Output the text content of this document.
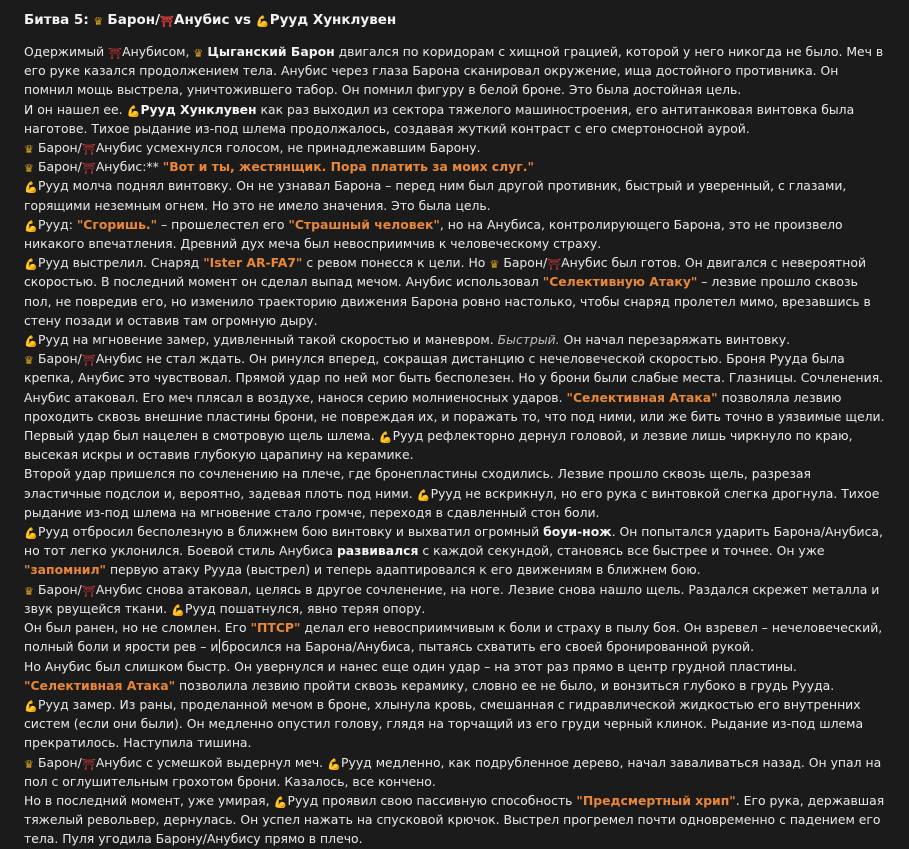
Битва 5: ♛ Барон/⛩Анубис vs 💪Рууд Хунклувен

Одержимый ⛩Анубисом, ♛ Цыганский Барон двигался по коридорам с хищной грацией, которой у него никогда не было. Меч в его руке казался продолжением тела. Анубис через глаза Барона сканировал окружение, ища достойного противника. Он помнил мощь выстрела, уничтожившего табор. Он помнил фигуру в белой броне. Это была достойная цель.

И он нашел ее. 💪Рууд Хунклувен как раз выходил из сектора тяжелого машиностроения, его антитанковая винтовка была наготове. Тихое рыдание из-под шлема продолжалось, создавая жуткий контраст с его смертоносной аурой.

♛ Барон/⛩Анубис усмехнулся голосом, не принадлежавшим Барону.

♛ Барон/⛩Анубис:** "Вот и ты, жестянщик. Пора платить за моих слуг."

💪Рууд молча поднял винтовку. Он не узнавал Барона – перед ним был другой противник, быстрый и уверенный, с глазами, горящими неземным огнем. Но это не имело значения. Это была цель.

💪Рууд: "Сгоришь." – прошелестел его "Страшный человек", но на Анубиса, контролирующего Барона, это не произвело никакого впечатления. Древний дух меча был невосприимчив к человеческому страху.

💪Рууд выстрелил. Снаряд "Ister AR-FA7" с ревом понесся к цели. Но ♛ Барон/⛩Анубис был готов. Он двигался с невероятной скоростью. В последний момент он сделал выпад мечом. Анубис использовал "Селективную Атаку" – лезвие прошло сквозь пол, не повредив его, но изменило траекторию движения Барона ровно настолько, чтобы снаряд пролетел мимо, врезавшись в стену позади и оставив там огромную дыру.

💪Рууд на мгновение замер, удивленный такой скоростью и маневром. Быстрый. Он начал перезаряжать винтовку.

♛ Барон/⛩Анубис не стал ждать. Он ринулся вперед, сокращая дистанцию с нечеловеческой скоростью. Броня Рууда была крепка, Анубис это чувствовал. Прямой удар по ней мог быть бесполезен. Но у брони были слабые места. Глазницы. Сочленения.

Анубис атаковал. Его меч плясал в воздухе, нанося серию молниеносных ударов. "Селективная Атака" позволяла лезвию проходить сквозь внешние пластины брони, не повреждая их, и поражать то, что под ними, или же бить точно в уязвимые щели. Первый удар был нацелен в смотровую щель шлема. 💪Рууд рефлекторно дернул головой, и лезвие лишь чиркнуло по краю, высекая искры и оставив глубокую царапину на керамике.

Второй удар пришелся по сочленению на плече, где бронепластины сходились. Лезвие прошло сквозь щель, разрезая эластичные подслои и, вероятно, задевая плоть под ними. 💪Рууд не вскрикнул, но его рука с винтовкой слегка дрогнула. Тихое рыдание из-под шлема на мгновение стало громче, переходя в сдавленный стон боли.

💪Рууд отбросил бесполезную в ближнем бою винтовку и выхватил огромный боуи-нож. Он попытался ударить Барона/Анубиса, но тот легко уклонился. Боевой стиль Анубиса развивался с каждой секундой, становясь все быстрее и точнее. Он уже "запомнил" первую атаку Рууда (выстрел) и теперь адаптировался к его движениям в ближнем бою.

♛ Барон/⛩Анубис снова атаковал, целясь в другое сочленение, на ноге. Лезвие снова нашло щель. Раздался скрежет металла и звук рвущейся ткани. 💪Рууд пошатнулся, явно теряя опору.

Он был ранен, но не сломлен. Его "ПТСР" делал его невосприимчивым к боли и страху в пылу боя. Он взревел – нечеловеческий, полный боли и ярости рев – и бросился на Барона/Анубиса, пытаясь схватить его своей бронированной рукой.

Но Анубис был слишком быстр. Он увернулся и нанес еще один удар – на этот раз прямо в центр грудной пластины. "Селективная Атака" позволила лезвию пройти сквозь керамику, словно ее не было, и вонзиться глубоко в грудь Рууда.

💪Рууд замер. Из раны, проделанной мечом в броне, хлынула кровь, смешанная с гидравлической жидкостью его внутренних систем (если они были). Он медленно опустил голову, глядя на торчащий из его груди черный клинок. Рыдание из-под шлема прекратилось. Наступила тишина.

♛ Барон/⛩Анубис с усмешкой выдернул меч. 💪Рууд медленно, как подрубленное дерево, начал заваливаться назад. Он упал на пол с оглушительным грохотом брони. Казалось, все кончено.

Но в последний момент, уже умирая, 💪Рууд проявил свою пассивную способность "Предсмертный хрип". Его рука, державшая тяжелый револьвер, дернулась. Он успел нажать на спусковой крючок. Выстрел прогремел почти одновременно с падением его тела. Пуля угодила Барону/Анубису прямо в плечо.
